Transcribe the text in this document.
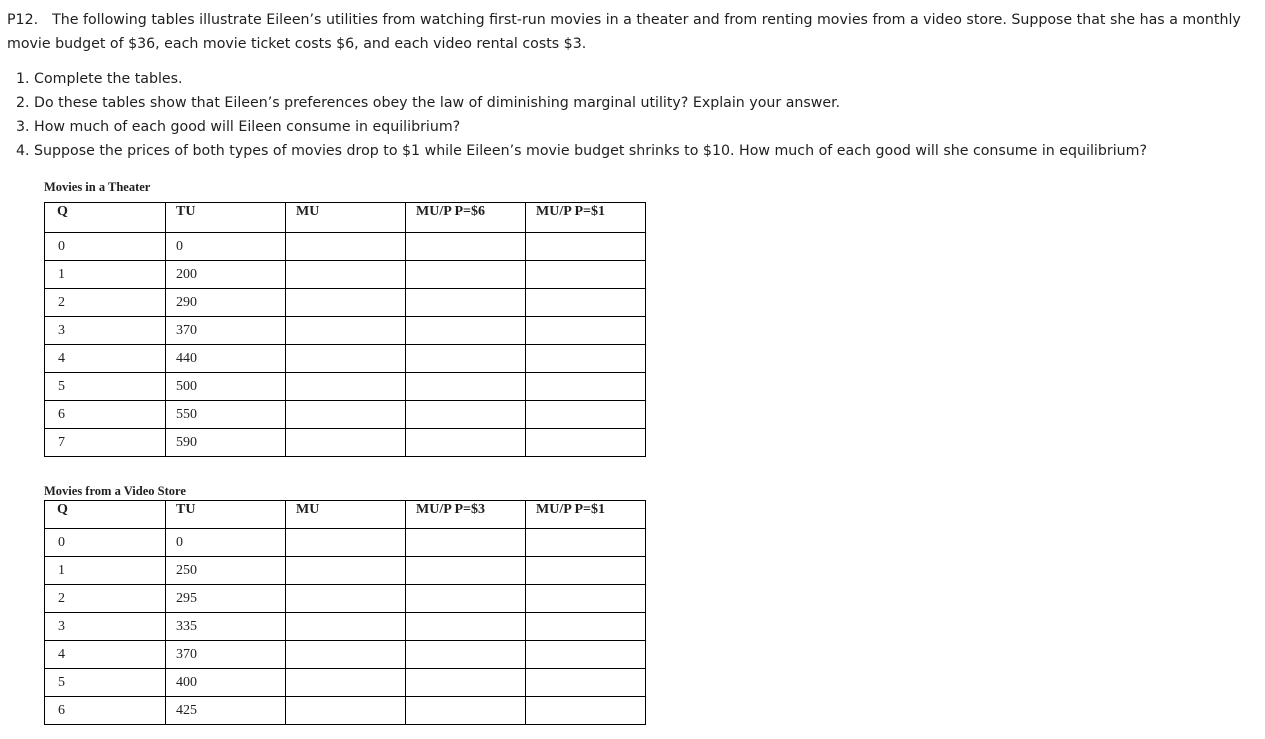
P12. The following tables illustrate Eileen’s utilities from watching first-run movies in a theater and from renting movies from a video store. Suppose that she has a monthly movie budget of $36, each movie ticket costs $6, and each video rental costs $3.

1. Complete the tables.
2. Do these tables show that Eileen’s preferences obey the law of diminishing marginal utility? Explain your answer.
3. How much of each good will Eileen consume in equilibrium?
4. Suppose the prices of both types of movies drop to $1 while Eileen’s movie budget shrinks to $10. How much of each good will she consume in equilibrium?
Movies in a Theater
Q	TU	MU	MU/P P=$6	MU/P P=$1
0	0			
1	200			
2	290			
3	370			
4	440			
5	500			
6	550			
7	590			
Movies from a Video Store
Q	TU	MU	MU/P P=$3	MU/P P=$1
0	0			
1	250			
2	295			
3	335			
4	370			
5	400			
6	425			
